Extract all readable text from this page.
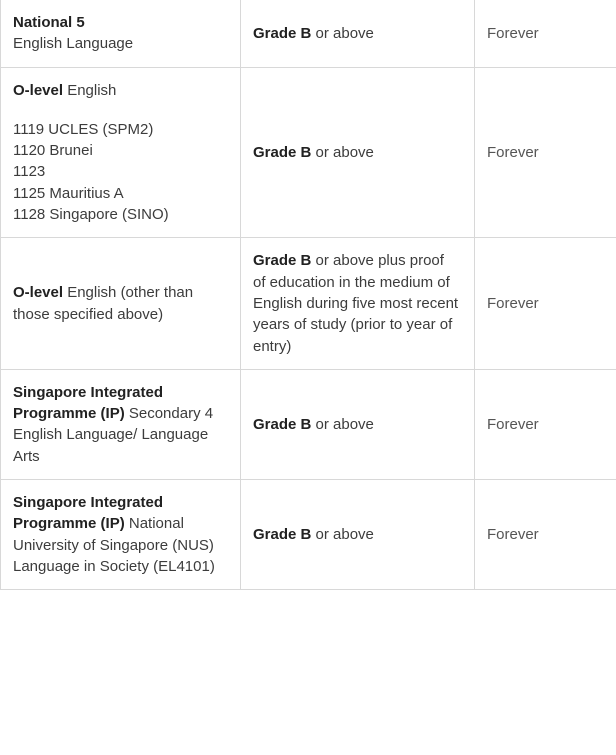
National 5
English Language	Grade B or above	Forever

O-level English
1119 UCLES (SPM2)
1120 Brunei
1123
1125 Mauritius A
1128 Singapore (SINO)
	Grade B or above	Forever
O-level English (other than those specified above)	Grade B or above plus proof of education in the medium of English during five most recent years of study (prior to year of entry)	Forever
Singapore Integrated Programme (IP) Secondary 4 English Language/ Language Arts	Grade B or above	Forever
Singapore Integrated Programme (IP) National University of Singapore (NUS) Language in Society (EL4101)	Grade B or above	Forever
